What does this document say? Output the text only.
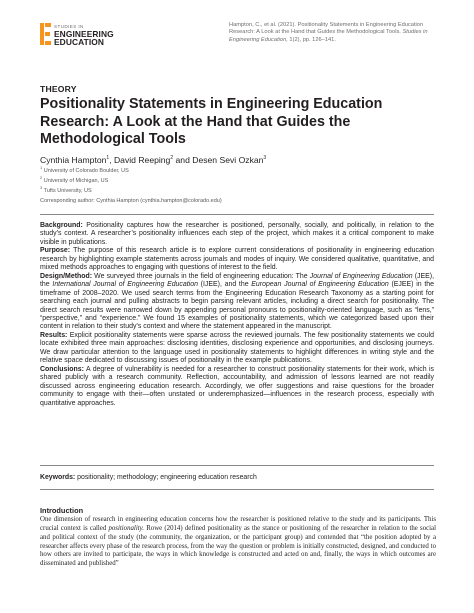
STUDIES IN
ENGINEERING
EDUCATION
Hampton, C., et al. (2021). Positionality Statements in Engineering Education Research: A Look at the Hand that Guides the Methodological Tools. Studies in Engineering Education, 1(2), pp. 126–141.
THEORY
Positionality Statements in Engineering Education Research: A Look at the Hand that Guides the Methodological Tools
Cynthia Hampton$^1$, David Reeping$^2$ and Desen Sevi Ozkan$^3$
$^1$ University of Colorado Boulder, US
$^2$ University of Michigan, US
$^3$ Tufts University, US
Corresponding author: Cynthia Hampton (cynthia.hampton@colorado.edu)

Background: Positionality captures how the researcher is positioned, personally, socially, and politically, in relation to the study’s context. A researcher’s positionality influences each step of the project, which makes it a critical component to make visible in publications.

Purpose: The purpose of this research article is to explore current considerations of positionality in engineering education research by highlighting example statements across journals and modes of inquiry. We considered qualitative, quantitative, and mixed methods approaches to engaging with questions of interest to the field.

Design/Method: We surveyed three journals in the field of engineering education: The Journal of Engineering Education (JEE), the International Journal of Engineering Education (IJEE), and the European Journal of Engineering Education (EJEE) in the timeframe of 2008–2020. We used search terms from the Engineering Education Research Taxonomy as a starting point for searching each journal and pulling abstracts to begin parsing relevant articles, including a direct search for positionality. The direct search results were narrowed down by appending personal pronouns to positionality-oriented language, such as “lens,” “perspective,” and “experience.” We found 15 examples of positionality statements, which we categorized based upon their content in relation to their study’s context and where the statement appeared in the manuscript.

Results: Explicit positionality statements were sparse across the reviewed journals. The few positionality statements we could locate exhibited three main approaches: disclosing identities, disclosing experience and opportunities, and disclosing journeys. We draw particular attention to the language used in positionality statements to highlight differences in writing style and the relative space dedicated to discussing issues of positionality in the example publications.

Conclusions: A degree of vulnerability is needed for a researcher to construct positionality statements for their work, which is shared publicly with a research community. Reflection, accountability, and admission of lessons learned are not readily discussed across engineering education research. Accordingly, we offer suggestions and raise questions for the broader community to engage with their—often unstated or underemphasized—influences in the research process, especially with quantitative approaches.

Keywords: positionality; methodology; engineering education research
Introduction

One dimension of research in engineering education concerns how the researcher is positioned relative to the study and its participants. This crucial context is called positionality. Rowe (2014) defined positionality as the stance or positioning of the researcher in relation to the social and political context of the study (the community, the organization, or the participant group) and contended that “the position adopted by a researcher affects every phase of the research process, from the way the question or problem is initially constructed, designed, and conducted to how others are invited to participate, the ways in which knowledge is constructed and acted on and, finally, the ways in which outcomes are disseminated and published”
